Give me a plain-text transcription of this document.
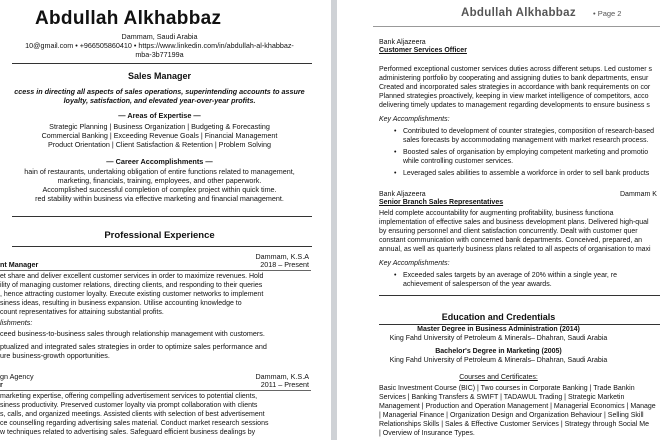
Abdullah Alkhabbaz
Dammam, Saudi Arabia
10@gmail.com • +966505860410 • https://www.linkedin.com/in/abdullah-al-khabbaz-
mba-3b77199a
Sales Manager
ccess in directing all aspects of sales operations, superintending accounts to assure
loyalty, satisfaction, and elevated year-over-year profits.
— Areas of Expertise —
Strategic Planning | Business Organization | Budgeting & Forecasting
Commercial Banking | Exceeding Revenue Goals | Financial Management
Product Orientation | Client Satisfaction & Retention | Problem Solving
— Career Accomplishments —
hain of restaurants, undertaking obligation of entire functions related to management,
marketing, financials, training, employees, and other paperwork.
Accomplished successful completion of complex project within quick time.
red stability within business via effective marketing and financial management.
Professional Experience
Dammam, K.S.A
nt Manager	2018 – Present
et share and deliver excellent customer services in order to maximize revenues. Hold
ility of managing customer relations, directing clients, and responding to their queries
, hence attracting customer loyalty. Execute existing customer networks to implement
siness ideas, resulting in business expansion. Utilise accounting knowledge to
count representatives for attaining substantial profits.
lishments:
ceed business-to-business sales through relationship management with customers.
ptualized and integrated sales strategies in order to optimize sales performance and
ure business-growth opportunities.
gn Agency	Dammam, K.S.A
r	2011 – Present
marketing expertise, offering compelling advertisement services to potential clients,
siness productivity. Preserved customer loyalty via prompt collaboration with clients
s, calls, and organized meetings. Assisted clients with selection of best advertisement
ce counselling regarding advertising sales material. Conduct market research sessions
w techniques related to advertising sales. Safeguard efficient business dealings by
Abdullah Alkhabbaz • Page 2
Bank Aljazeera
Customer Services Officer
Performed exceptional customer services duties across different setups. Led customer s
administering portfolio by cooperating and assigning duties to bank departments, ensur
Created and incorporated sales strategies in accordance with bank requirements on cor
Planned strategies proactively, keeping in view market intelligence of competitors, acco
delivering timely updates to management regarding developments to ensure business s
Key Accomplishments:
• Contributed to development of counter strategies, composition of research-based
sales forecasts by accommodating management with market research process.
• Boosted sales of organisation by employing competent marketing and promotio
while controlling customer services.
• Leveraged sales abilities to assemble a workforce in order to sell bank products
Bank Aljazeera	Dammam K
Senior Branch Sales Representatives
Held complete accountability for augmenting profitability, business functiona
implementation of effective sales and business development plans. Delivered high-qual
by ensuring personnel and client satisfaction concurrently. Dealt with customer quer
constant communication with concerned bank departments. Conceived, prepared, an
annual, as well as quarterly business plans related to all aspects of organisation to maxi
Key Accomplishments:
• Exceeded sales targets by an average of 20% within a single year, re
achievement of salesperson of the year awards.
Education and Credentials
Master Degree in Business Administration (2014)
King Fahd University of Petroleum & Minerals– Dhahran, Saudi Arabia
Bachelor's Degree in Marketing (2005)
King Fahd University of Petroleum & Minerals– Dhahran, Saudi Arabia
Courses and Certificates:
Basic Investment Course (BIC) | Two courses in Corporate Banking | Trade Bankin
Services | Banking Transfers & SWIFT | TADAWUL Trading | Strategic Marketin
Management | Production and Operation Management | Managerial Economics | Manage
| Managerial Finance | Organization Design and Organization Behaviour | Selling Skill
Relationships Skills | Sales & Effective Customer Services | Strategy through Social Me
| Overview of Insurance Types.
